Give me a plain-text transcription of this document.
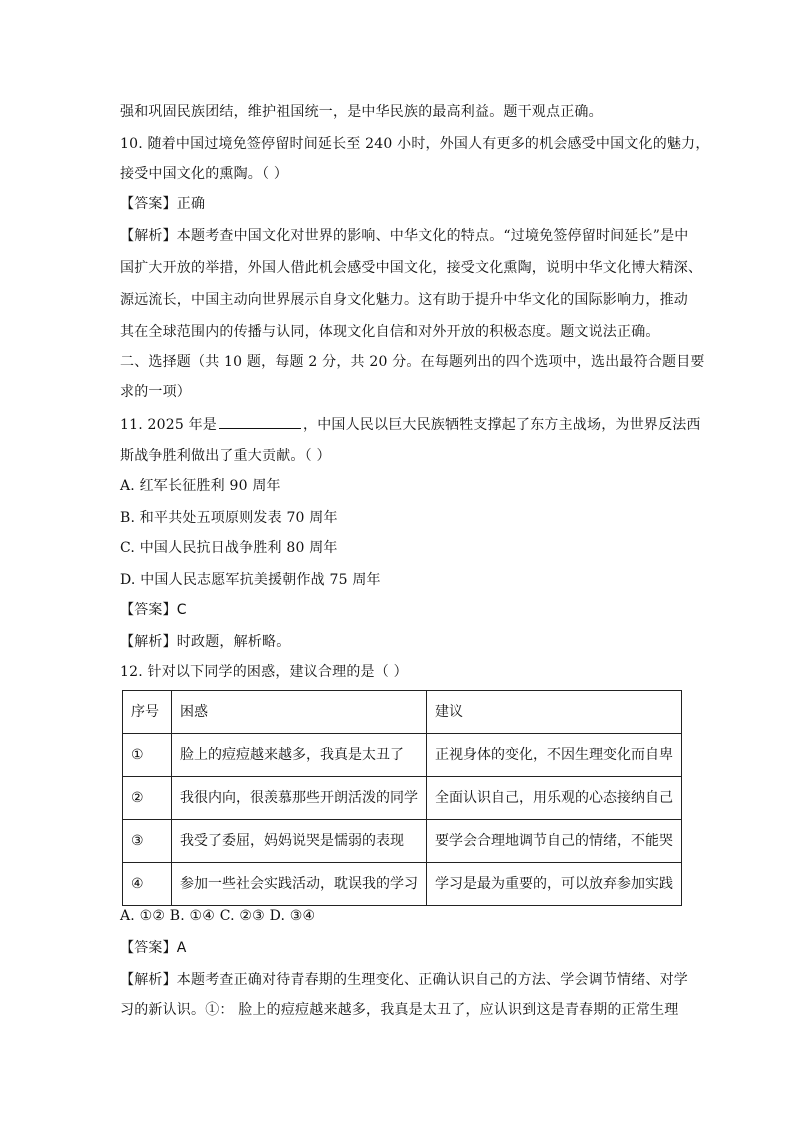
强和巩固民族团结，维护祖国统一，是中华民族的最高利益。题干观点正确。
10. 随着中国过境免签停留时间延长至 240 小时，外国人有更多的机会感受中国文化的魅力，
接受中国文化的熏陶。（ ）
【答案】正确
【解析】本题考查中国文化对世界的影响、中华文化的特点。“过境免签停留时间延长”是中
国扩大开放的举措，外国人借此机会感受中国文化，接受文化熏陶，说明中华文化博大精深、
源远流长，中国主动向世界展示自身文化魅力。这有助于提升中华文化的国际影响力，推动
其在全球范围内的传播与认同，体现文化自信和对外开放的积极态度。题文说法正确。
二、选择题（共 10 题，每题 2 分，共 20 分。在每题列出的四个选项中，选出最符合题目要
求的一项）
11. 2025 年是	，中国人民以巨大民族牺牲支撑起了东方主战场，为世界反法西
斯战争胜利做出了重大贡献。（ ）
A. 红军长征胜利 90 周年
B. 和平共处五项原则发表 70 周年
C. 中国人民抗日战争胜利 80 周年
D. 中国人民志愿军抗美援朝作战 75 周年
【答案】C
【解析】时政题，解析略。
12. 针对以下同学的困惑，建议合理的是（ ）
序号	困惑	建议
①	脸上的痘痘越来越多，我真是太丑了	正视身体的变化，不因生理变化而自卑
②	我很内向，很羡慕那些开朗活泼的同学	全面认识自己，用乐观的心态接纳自己
③	我受了委屈，妈妈说哭是懦弱的表现	要学会合理地调节自己的情绪，不能哭
④	参加一些社会实践活动，耽误我的学习	学习是最为重要的，可以放弃参加实践
A. ①② B. ①④ C. ②③ D. ③④
【答案】A
【解析】本题考查正确对待青春期的生理变化、正确认识自己的方法、学会调节情绪、对学
习的新认识。①： 脸上的痘痘越来越多，我真是太丑了，应认识到这是青春期的正常生理
